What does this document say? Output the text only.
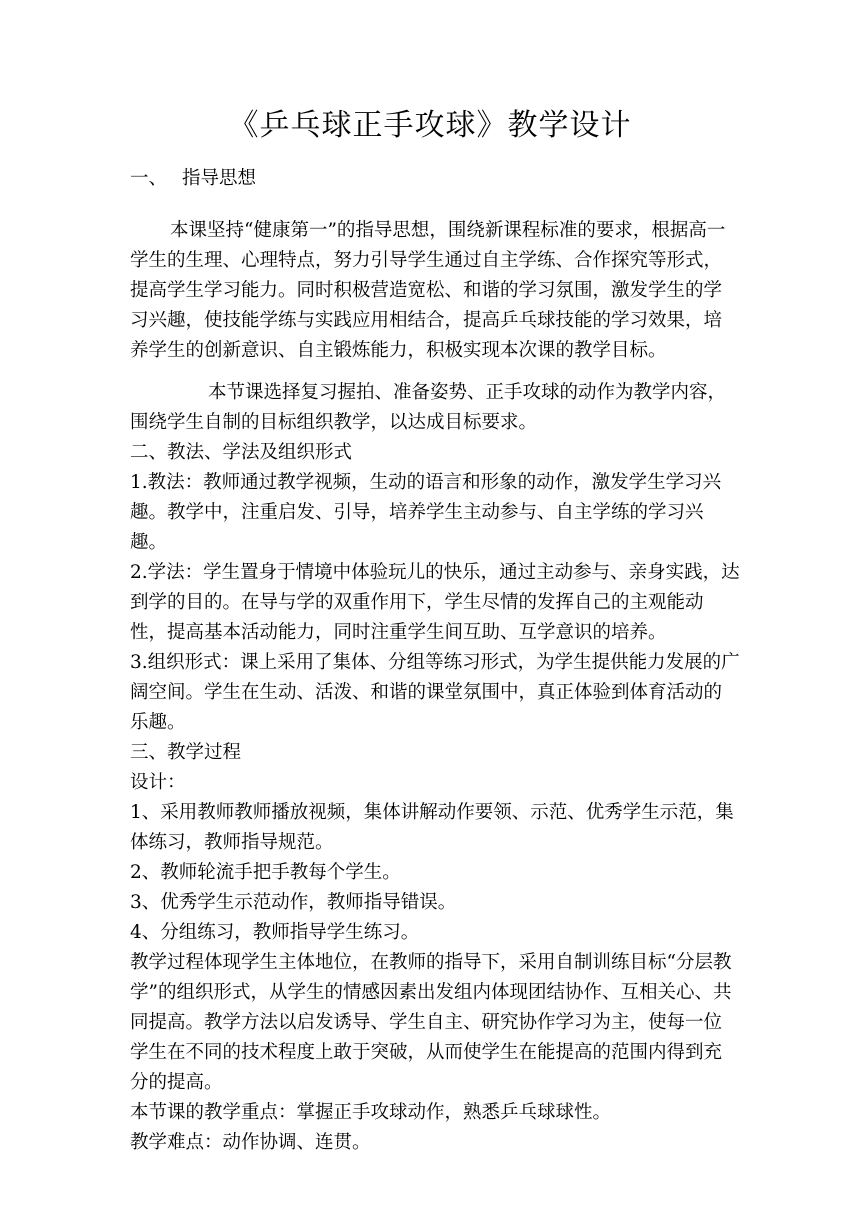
《乒乓球正手攻球》教学设计

一、 指导思想

本课坚持“健康第一”的指导思想，围绕新课程标准的要求，根据高一学生的生理、心理特点，努力引导学生通过自主学练、合作探究等形式，提高学生学习能力。同时积极营造宽松、和谐的学习氛围，激发学生的学习兴趣，使技能学练与实践应用相结合，提高乒乓球技能的学习效果，培养学生的创新意识、自主锻炼能力，积极实现本次课的教学目标。

本节课选择复习握拍、准备姿势、正手攻球的动作为教学内容，围绕学生自制的目标组织教学，以达成目标要求。

二、教法、学法及组织形式

1.教法：教师通过教学视频，生动的语言和形象的动作，激发学生学习兴趣。教学中，注重启发、引导，培养学生主动参与、自主学练的学习兴趣。

2.学法：学生置身于情境中体验玩儿的快乐，通过主动参与、亲身实践，达到学的目的。在导与学的双重作用下，学生尽情的发挥自己的主观能动性，提高基本活动能力，同时注重学生间互助、互学意识的培养。

3.组织形式：课上采用了集体、分组等练习形式，为学生提供能力发展的广阔空间。学生在生动、活泼、和谐的课堂氛围中，真正体验到体育活动的乐趣。

三、教学过程

设计：

1、采用教师教师播放视频，集体讲解动作要领、示范、优秀学生示范，集体练习，教师指导规范。

2、教师轮流手把手教每个学生。

3、优秀学生示范动作，教师指导错误。

4、分组练习，教师指导学生练习。

教学过程体现学生主体地位，在教师的指导下，采用自制训练目标“分层教学”的组织形式，从学生的情感因素出发组内体现团结协作、互相关心、共同提高。教学方法以启发诱导、学生自主、研究协作学习为主，使每一位学生在不同的技术程度上敢于突破，从而使学生在能提高的范围内得到充分的提高。

本节课的教学重点：掌握正手攻球动作，熟悉乒乓球球性。

教学难点：动作协调、连贯。
